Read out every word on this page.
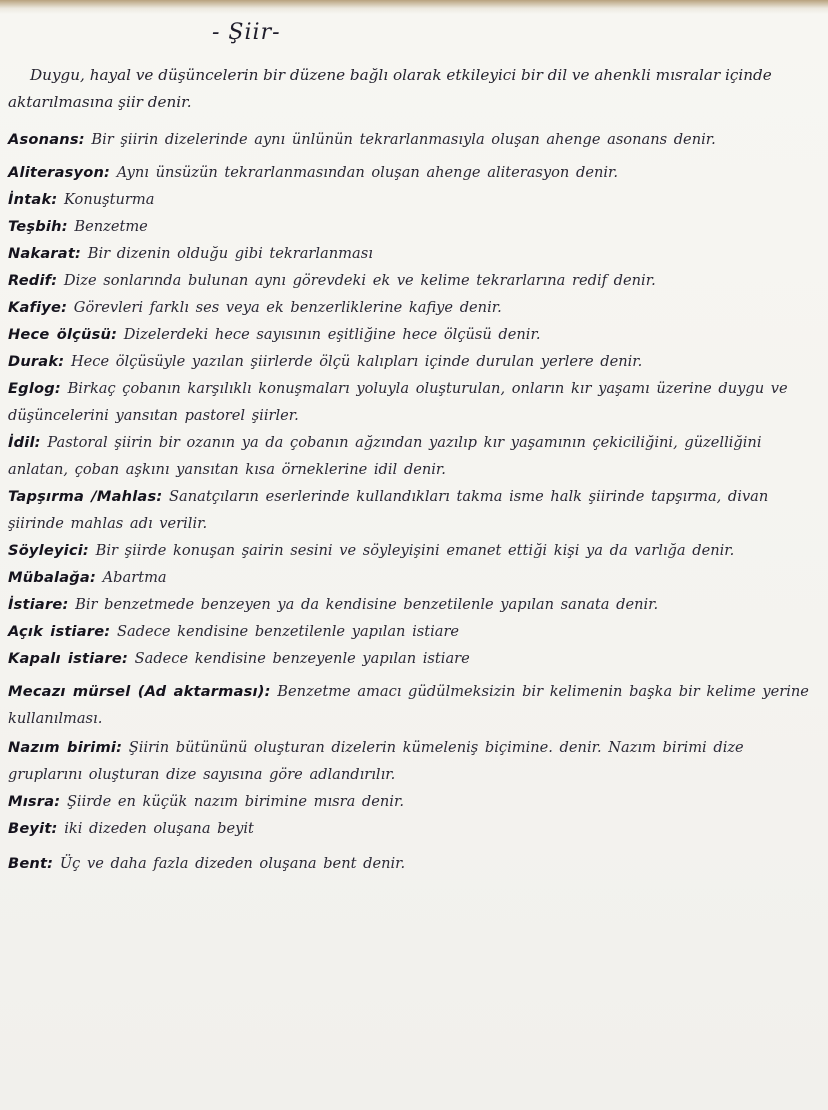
- Şiir-

Duygu, hayal ve düşüncelerin bir düzene bağlı olarak etkileyici bir dil ve ahenkli mısralar içinde aktarılmasına şiir denir.

Asonans: Bir şiirin dizelerinde aynı ünlünün tekrarlanmasıyla oluşan ahenge asonans denir.

Aliterasyon: Aynı ünsüzün tekrarlanmasından oluşan ahenge aliterasyon denir.

İntak: Konuşturma

Teşbih: Benzetme

Nakarat: Bir dizenin olduğu gibi tekrarlanması

Redif: Dize sonlarında bulunan aynı görevdeki ek ve kelime tekrarlarına redif denir.

Kafiye: Görevleri farklı ses veya ek benzerliklerine kafiye denir.

Hece ölçüsü: Dizelerdeki hece sayısının eşitliğine hece ölçüsü denir.

Durak: Hece ölçüsüyle yazılan şiirlerde ölçü kalıpları içinde durulan yerlere denir.

Eglog: Birkaç çobanın karşılıklı konuşmaları yoluyla oluşturulan, onların kır yaşamı üzerine duygu ve düşüncelerini yansıtan pastorel şiirler.

İdil: Pastoral şiirin bir ozanın ya da çobanın ağzından yazılıp kır yaşamının çekiciliğini, güzelliğini anlatan, çoban aşkını yansıtan kısa örneklerine idil denir.

Tapşırma /Mahlas: Sanatçıların eserlerinde kullandıkları takma isme halk şiirinde tapşırma, divan şiirinde mahlas adı verilir.

Söyleyici: Bir şiirde konuşan şairin sesini ve söyleyişini emanet ettiği kişi ya da varlığa denir.

Mübalağa: Abartma

İstiare: Bir benzetmede benzeyen ya da kendisine benzetilenle yapılan sanata denir.

Açık istiare: Sadece kendisine benzetilenle yapılan istiare

Kapalı istiare: Sadece kendisine benzeyenle yapılan istiare

Mecazı mürsel (Ad aktarması): Benzetme amacı güdülmeksizin bir kelimenin başka bir kelime yerine kullanılması.

Nazım birimi: Şiirin bütününü oluşturan dizelerin kümeleniş biçimine. denir. Nazım birimi dize gruplarını oluşturan dize sayısına göre adlandırılır.

Mısra: Şiirde en küçük nazım birimine mısra denir.

Beyit: iki dizeden oluşana beyit

Bent: Üç ve daha fazla dizeden oluşana bent denir.
